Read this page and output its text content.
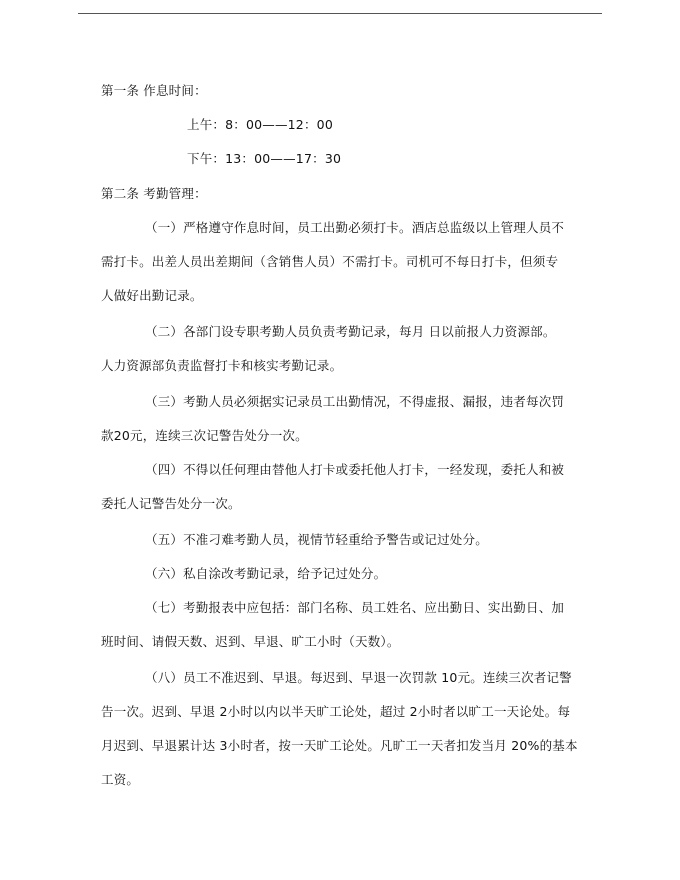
第一条 作息时间：
上午：8：00——12：00
下午：13：00——17：30
第二条 考勤管理：
（一）严格遵守作息时间，员工出勤必须打卡。酒店总监级以上管理人员不
需打卡。出差人员出差期间（含销售人员）不需打卡。司机可不每日打卡，但须专
人做好出勤记录。
（二）各部门设专职考勤人员负责考勤记录，每月 日以前报人力资源部。
人力资源部负责监督打卡和核实考勤记录。
（三）考勤人员必须据实记录员工出勤情况，不得虚报、漏报，违者每次罚
款20元，连续三次记警告处分一次。
（四）不得以任何理由替他人打卡或委托他人打卡，一经发现，委托人和被
委托人记警告处分一次。
（五）不准刁难考勤人员，视情节轻重给予警告或记过处分。
（六）私自涂改考勤记录，给予记过处分。
（七）考勤报表中应包括：部门名称、员工姓名、应出勤日、实出勤日、加
班时间、请假天数、迟到、早退、旷工小时（天数）。
（八）员工不准迟到、早退。每迟到、早退一次罚款 10元。连续三次者记警
告一次。迟到、早退 2小时以内以半天旷工论处，超过 2小时者以旷工一天论处。每
月迟到、早退累计达 3小时者，按一天旷工论处。凡旷工一天者扣发当月 20%的基本
工资。
